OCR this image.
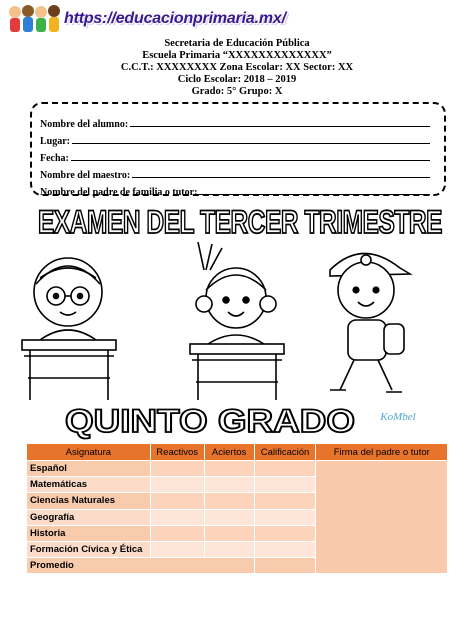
https://educacionprimaria.mx/
Secretaria de Educación Pública
Escuela Primaria “XXXXXXXXXXXXX”
C.C.T.: XXXXXXXX Zona Escolar: XX Sector: XX
Ciclo Escolar: 2018 – 2019
Grado: 5° Grupo: X
Nombre del alumno:
Lugar:
Fecha:
Nombre del maestro:
Nombre del padre de familia o tutor:
EXAMEN DEL TERCER TRIMESTRE
QUINTO GRADO KoMbel
Asignatura	Reactivos	Aciertos	Calificación	Firma del padre o tutor
Español				
Matemáticas				
Ciencias Naturales				
Geografía				
Historia				
Formación Cívica y Ética				
Promedio				
